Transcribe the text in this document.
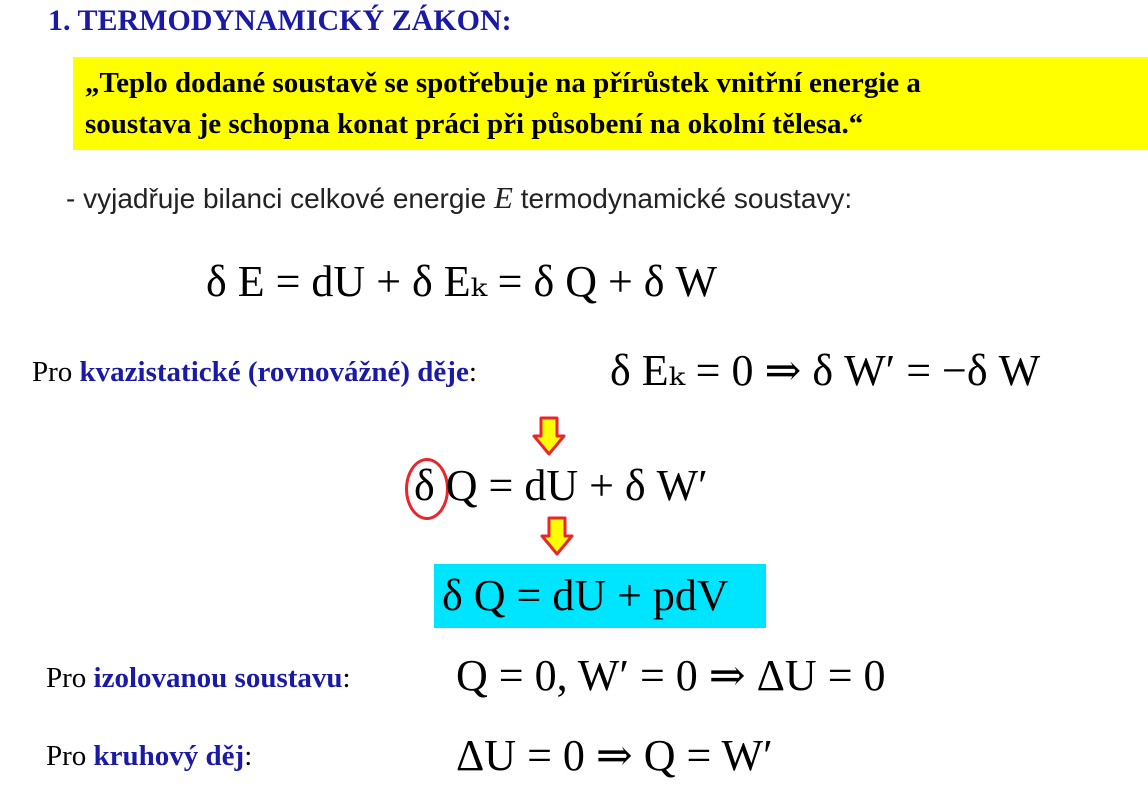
1. TERMODYNAMICKÝ ZÁKON:
„Teplo dodané soustavě se spotřebuje na přírůstek vnitřní energie a
soustava je schopna konat práci při působení na okolní tělesa.“
- vyjadřuje bilanci celkové energie E termodynamické soustavy:
δ E = dU + δ Eₖ = δ Q + δ W
Pro kvazistatické (rovnovážné) děje:	δ Eₖ = 0 ⇒ δ W′ = −δ W
δ Q = dU + δ W′
δ Q = dU + pdV
Pro izolovanou soustavu: Q = 0, W′ = 0 ⇒ ΔU = 0
Pro kruhový děj:	ΔU = 0 ⇒ Q = W′
